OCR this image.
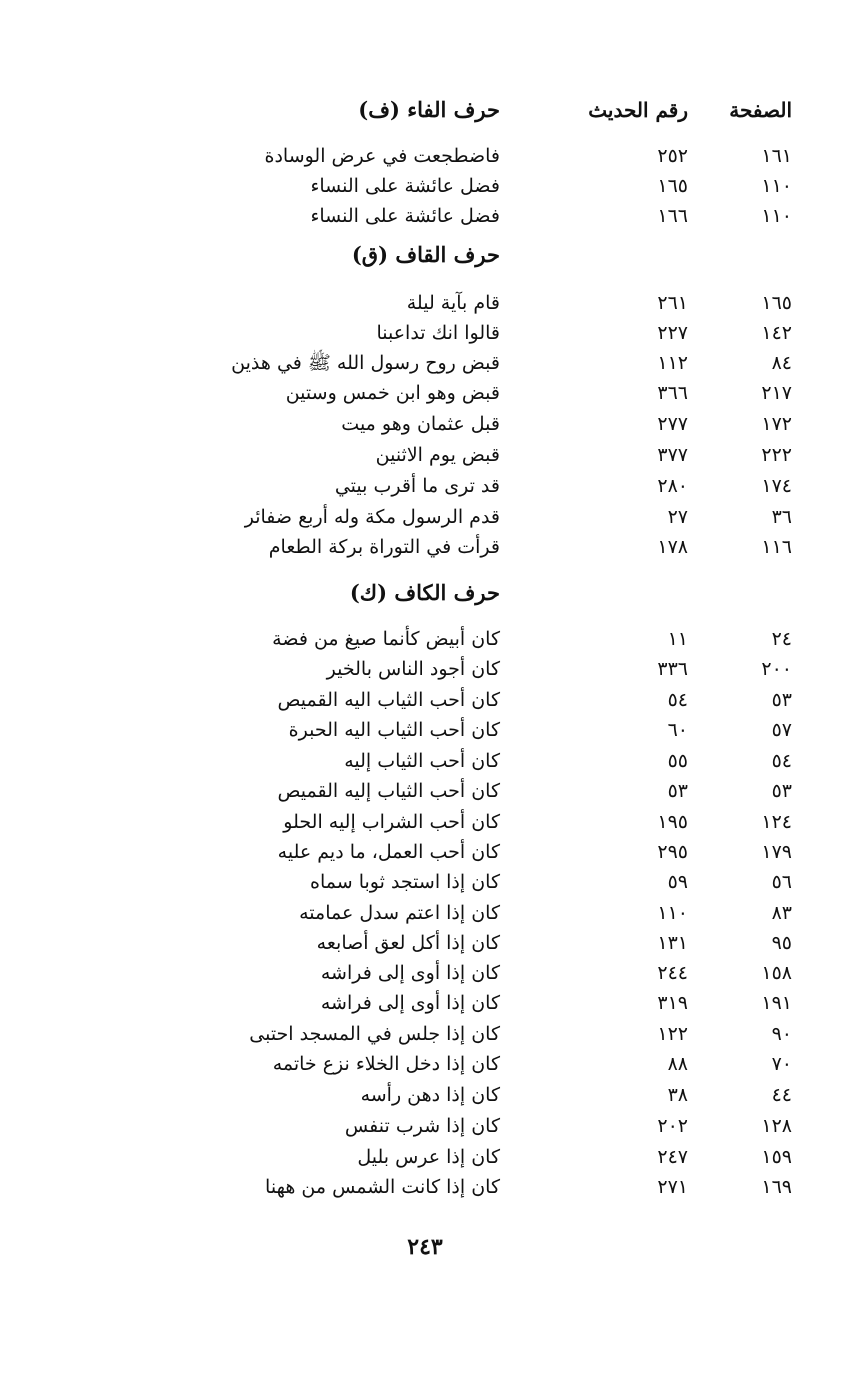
الصفحة
رقم الحديث
حرف الفاء (ف)
١٦١
٢٥٢
فاضطجعت في عرض الوسادة
١١٠
١٦٥
فضل عائشة على النساء
١١٠
١٦٦
فضل عائشة على النساء
حرف القاف (ق)
١٦٥
٢٦١
قام بآية ليلة
١٤٢
٢٢٧
قالوا انك تداعبنا
٨٤
١١٢
قبض روح رسول الله ﷺ في هذين
٢١٧
٣٦٦
قبض وهو ابن خمس وستين
١٧٢
٢٧٧
قبل عثمان وهو ميت
٢٢٢
٣٧٧
قبض يوم الاثنين
١٧٤
٢٨٠
قد ترى ما أقرب بيتي
٣٦
٢٧
قدم الرسول مكة وله أربع ضفائر
١١٦
١٧٨
قرأت في التوراة بركة الطعام
حرف الكاف (ك)
٢٤
١١
كان أبيض كأنما صيغ من فضة
٢٠٠
٣٣٦
كان أجود الناس بالخير
٥٣
٥٤
كان أحب الثياب اليه القميص
٥٧
٦٠
كان أحب الثياب اليه الحبرة
٥٤
٥٥
كان أحب الثياب إليه
٥٣
٥٣
كان أحب الثياب إليه القميص
١٢٤
١٩٥
كان أحب الشراب إليه الحلو
١٧٩
٢٩٥
كان أحب العمل، ما ديم عليه
٥٦
٥٩
كان إذا استجد ثوبا سماه
٨٣
١١٠
كان إذا اعتم سدل عمامته
٩٥
١٣١
كان إذا أكل لعق أصابعه
١٥٨
٢٤٤
كان إذا أوى إلى فراشه
١٩١
٣١٩
كان إذا أوى إلى فراشه
٩٠
١٢٢
كان إذا جلس في المسجد احتبى
٧٠
٨٨
كان إذا دخل الخلاء نزع خاتمه
٤٤
٣٨
كان إذا دهن رأسه
١٢٨
٢٠٢
كان إذا شرب تنفس
١٥٩
٢٤٧
كان إذا عرس بليل
١٦٩
٢٧١
كان إذا كانت الشمس من ههنا
٢٤٣
